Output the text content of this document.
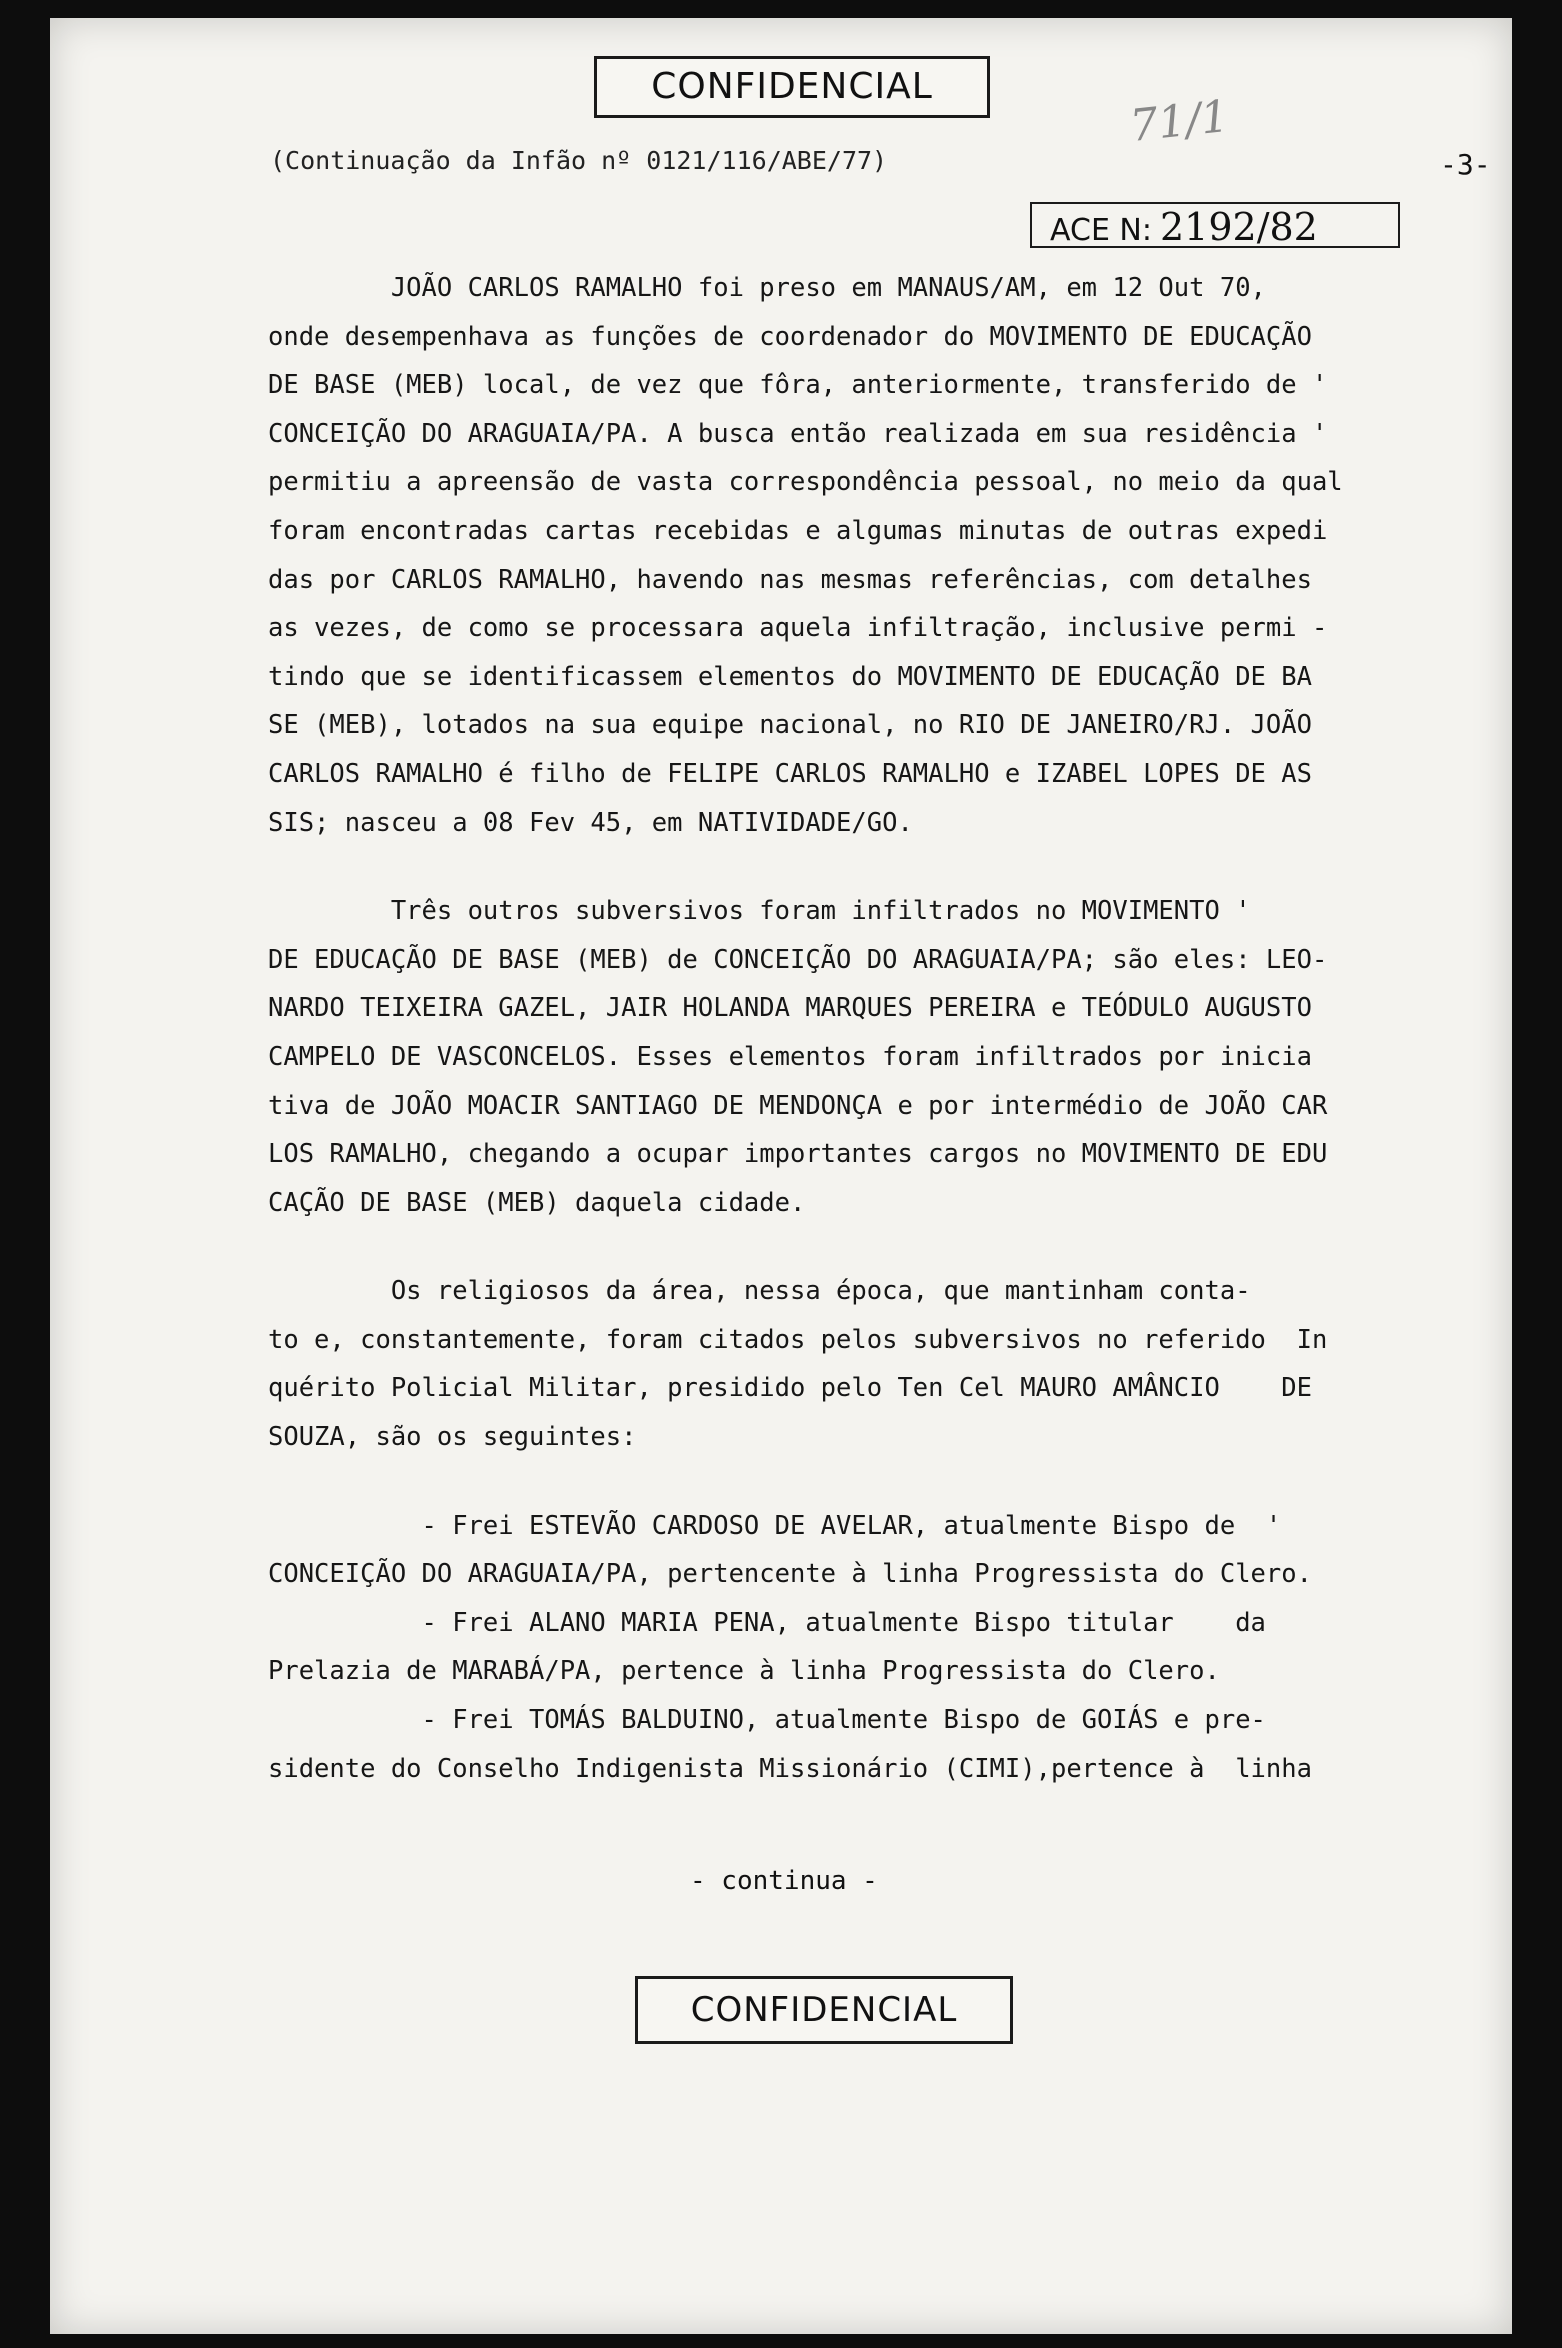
CONFIDENCIAL
71/1
(Continuação da Infão nº 0121/116/ABE/77)	-3-
ACE N: 2192/82
JOÃO CARLOS RAMALHO foi preso em MANAUS/AM, em 12 Out 70,
onde desempenhava as funções de coordenador do MOVIMENTO DE EDUCAÇÃO
DE BASE (MEB) local, de vez que fôra, anteriormente, transferido de '
CONCEIÇÃO DO ARAGUAIA/PA. A busca então realizada em sua residência '
permitiu a apreensão de vasta correspondência pessoal, no meio da qual
foram encontradas cartas recebidas e algumas minutas de outras expedi
das por CARLOS RAMALHO, havendo nas mesmas referências, com detalhes
as vezes, de como se processara aquela infiltração, inclusive permi -
tindo que se identificassem elementos do MOVIMENTO DE EDUCAÇÃO DE BA
SE (MEB), lotados na sua equipe nacional, no RIO DE JANEIRO/RJ. JOÃO
CARLOS RAMALHO é filho de FELIPE CARLOS RAMALHO e IZABEL LOPES DE AS
SIS; nasceu a 08 Fev 45, em NATIVIDADE/GO.
Três outros subversivos foram infiltrados no MOVIMENTO '
DE EDUCAÇÃO DE BASE (MEB) de CONCEIÇÃO DO ARAGUAIA/PA; são eles: LEO-
NARDO TEIXEIRA GAZEL, JAIR HOLANDA MARQUES PEREIRA e TEÓDULO AUGUSTO
CAMPELO DE VASCONCELOS. Esses elementos foram infiltrados por inicia
tiva de JOÃO MOACIR SANTIAGO DE MENDONÇA e por intermédio de JOÃO CAR
LOS RAMALHO, chegando a ocupar importantes cargos no MOVIMENTO DE EDU
CAÇÃO DE BASE (MEB) daquela cidade.
Os religiosos da área, nessa época, que mantinham conta-
to e, constantemente, foram citados pelos subversivos no referido  In
quérito Policial Militar, presidido pelo Ten Cel MAURO AMÂNCIO    DE
SOUZA, são os seguintes:
- Frei ESTEVÃO CARDOSO DE AVELAR, atualmente Bispo de  '
CONCEIÇÃO DO ARAGUAIA/PA, pertencente à linha Progressista do Clero.
- Frei ALANO MARIA PENA, atualmente Bispo titular    da
Prelazia de MARABÁ/PA, pertence à linha Progressista do Clero.
- Frei TOMÁS BALDUINO, atualmente Bispo de GOIÁS e pre-
sidente do Conselho Indigenista Missionário (CIMI),pertence à  linha
- continua -
CONFIDENCIAL
